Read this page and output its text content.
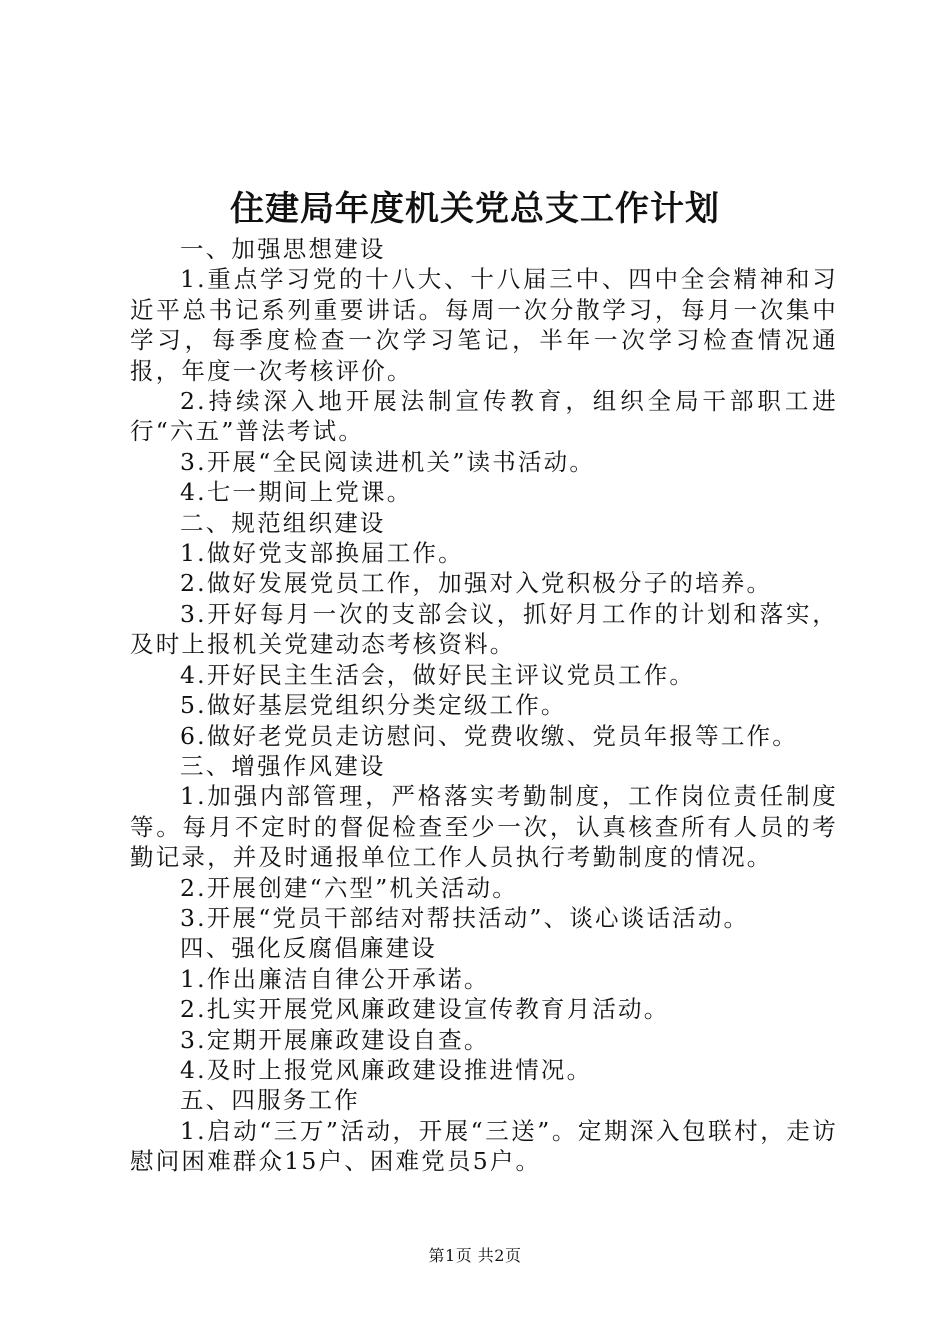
住建局年度机关党总支工作计划

一、加强思想建设

1.重点学习党的十八大、十八届三中、四中全会精神和习近平总书记系列重要讲话。每周一次分散学习，每月一次集中学习，每季度检查一次学习笔记，半年一次学习检查情况通报，年度一次考核评价。

2.持续深入地开展法制宣传教育，组织全局干部职工进行“六五”普法考试。

3.开展“全民阅读进机关”读书活动。

4.七一期间上党课。

二、规范组织建设

1.做好党支部换届工作。

2.做好发展党员工作，加强对入党积极分子的培养。

3.开好每月一次的支部会议，抓好月工作的计划和落实，及时上报机关党建动态考核资料。

4.开好民主生活会，做好民主评议党员工作。

5.做好基层党组织分类定级工作。

6.做好老党员走访慰问、党费收缴、党员年报等工作。

三、增强作风建设

1.加强内部管理，严格落实考勤制度，工作岗位责任制度等。每月不定时的督促检查至少一次，认真核查所有人员的考勤记录，并及时通报单位工作人员执行考勤制度的情况。

2.开展创建“六型”机关活动。

3.开展“党员干部结对帮扶活动”、谈心谈话活动。

四、强化反腐倡廉建设

1.作出廉洁自律公开承诺。

2.扎实开展党风廉政建设宣传教育月活动。

3.定期开展廉政建设自查。

4.及时上报党风廉政建设推进情况。

五、四服务工作

1.启动“三万”活动，开展“三送”。定期深入包联村，走访慰问困难群众15户、困难党员5户。

第1页 共2页
